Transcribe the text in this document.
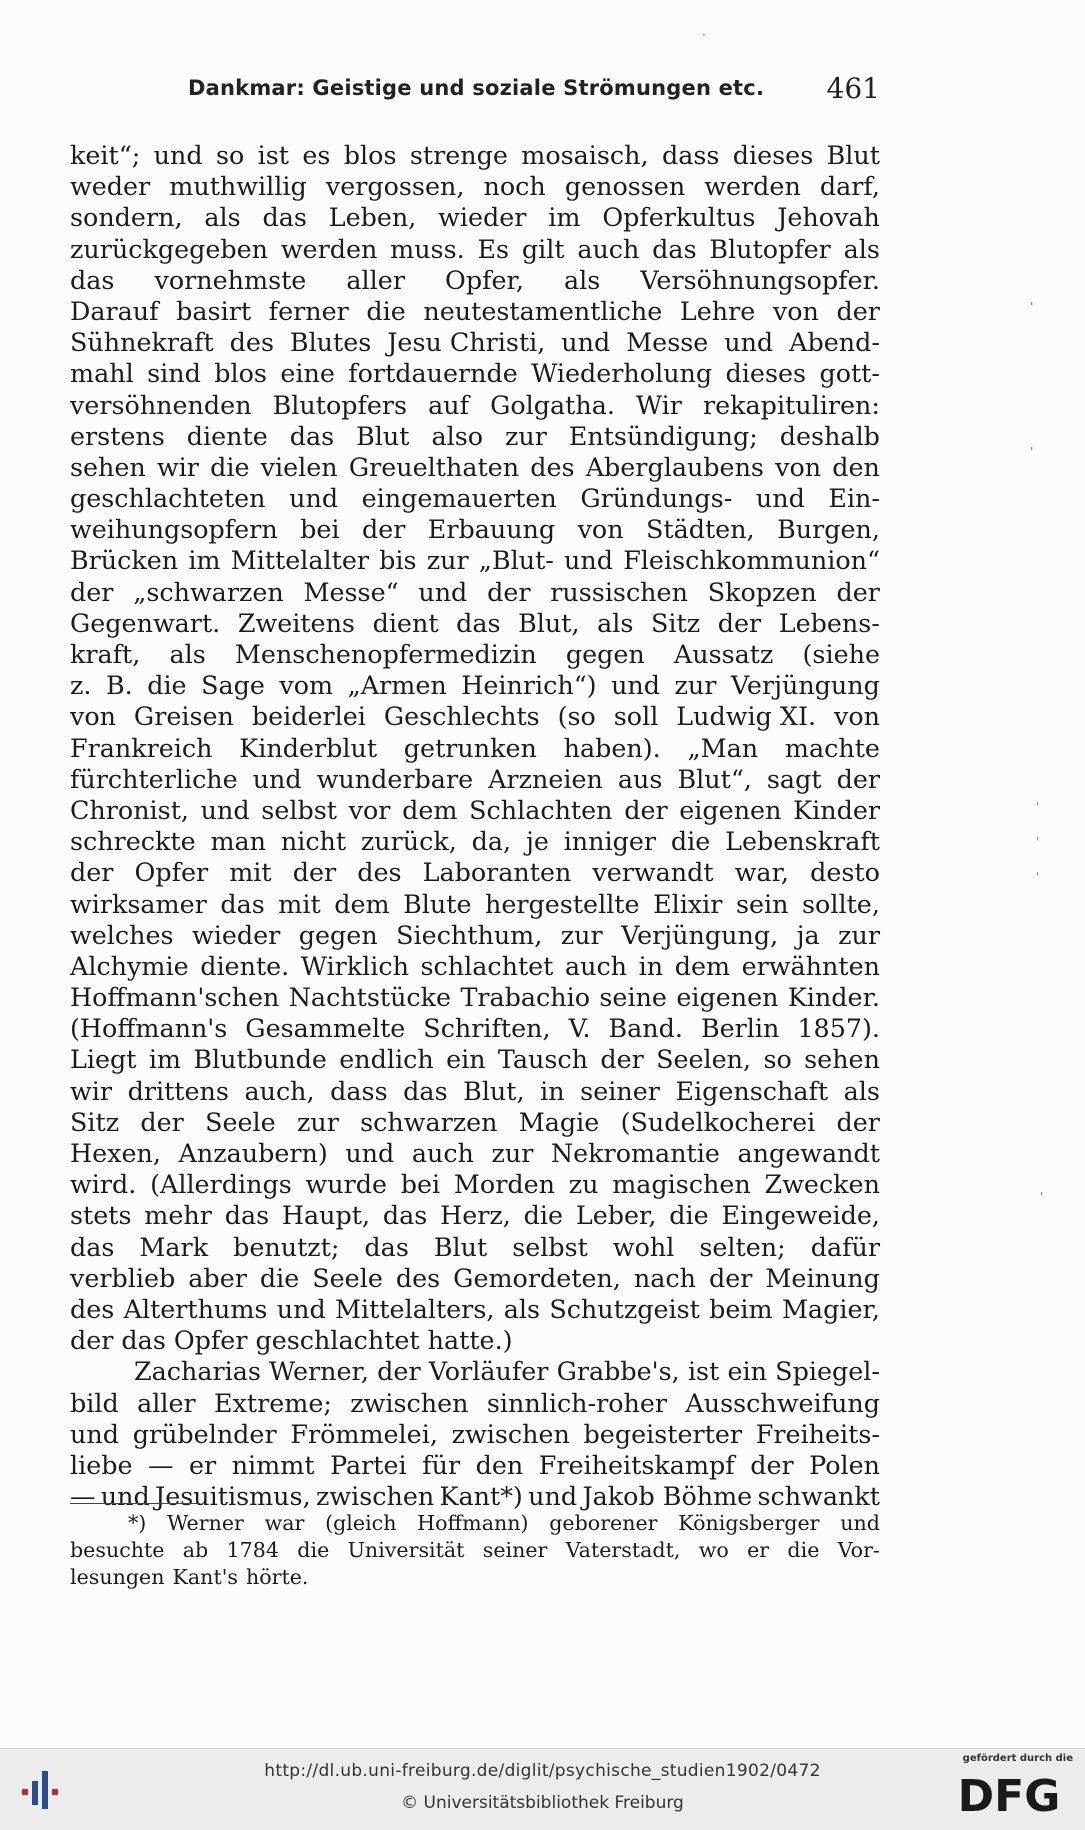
Dankmar: Geistige und soziale Strömungen etc. 461
keit“; und so ist es blos strenge mosaisch, dass dieses Blut
weder muthwillig vergossen, noch genossen werden darf,
sondern, als das Leben, wieder im Opferkultus Jehovah
zurückgegeben werden muss. Es gilt auch das Blutopfer als
das vornehmste aller Opfer, als Versöhnungsopfer.
Darauf basirt ferner die neutestamentliche Lehre von der
Sühnekraft des Blutes Jesu Christi, und Messe und Abend-
mahl sind blos eine fortdauernde Wiederholung dieses gott-
versöhnenden Blutopfers auf Golgatha. Wir rekapituliren:
erstens diente das Blut also zur Entsündigung; deshalb
sehen wir die vielen Greuelthaten des Aberglaubens von den
geschlachteten und eingemauerten Gründungs- und Ein-
weihungsopfern bei der Erbauung von Städten, Burgen,
Brücken im Mittelalter bis zur „Blut- und Fleischkommunion“
der „schwarzen Messe“ und der russischen Skopzen der
Gegenwart. Zweitens dient das Blut, als Sitz der Lebens-
kraft, als Menschenopfermedizin gegen Aussatz (siehe
z. B. die Sage vom „Armen Heinrich“) und zur Verjüngung
von Greisen beiderlei Geschlechts (so soll Ludwig XI. von
Frankreich Kinderblut getrunken haben). „Man machte
fürchterliche und wunderbare Arzneien aus Blut“, sagt der
Chronist, und selbst vor dem Schlachten der eigenen Kinder
schreckte man nicht zurück, da, je inniger die Lebenskraft
der Opfer mit der des Laboranten verwandt war, desto
wirksamer das mit dem Blute hergestellte Elixir sein sollte,
welches wieder gegen Siechthum, zur Verjüngung, ja zur
Alchymie diente. Wirklich schlachtet auch in dem erwähnten
Hoffmann'schen Nachtstücke Trabachio seine eigenen Kinder.
(Hoffmann's Gesammelte Schriften, V. Band. Berlin 1857).
Liegt im Blutbunde endlich ein Tausch der Seelen, so sehen
wir drittens auch, dass das Blut, in seiner Eigenschaft als
Sitz der Seele zur schwarzen Magie (Sudelkocherei der
Hexen, Anzaubern) und auch zur Nekromantie angewandt
wird. (Allerdings wurde bei Morden zu magischen Zwecken
stets mehr das Haupt, das Herz, die Leber, die Eingeweide,
das Mark benutzt; das Blut selbst wohl selten; dafür
verblieb aber die Seele des Gemordeten, nach der Meinung
des Alterthums und Mittelalters, als Schutzgeist beim Magier,
der das Opfer geschlachtet hatte.)
Zacharias Werner, der Vorläufer Grabbe's, ist ein Spiegel-
bild aller Extreme; zwischen sinnlich-roher Ausschweifung
und grübelnder Frömmelei, zwischen begeisterter Freiheits-
liebe — er nimmt Partei für den Freiheitskampf der Polen
— und Jesuitismus, zwischen Kant*) und Jakob Böhme schwankt
*) Werner war (gleich Hoffmann) geborener Königsberger und
besuchte ab 1784 die Universität seiner Vaterstadt, wo er die Vor-
lesungen Kant's hörte.
·
'
'
'
'
'
'
http://dl.ub.uni-freiburg.de/diglit/psychische_studien1902/0472
© Universitätsbibliothek Freiburg
gefördert durch die
DFG
